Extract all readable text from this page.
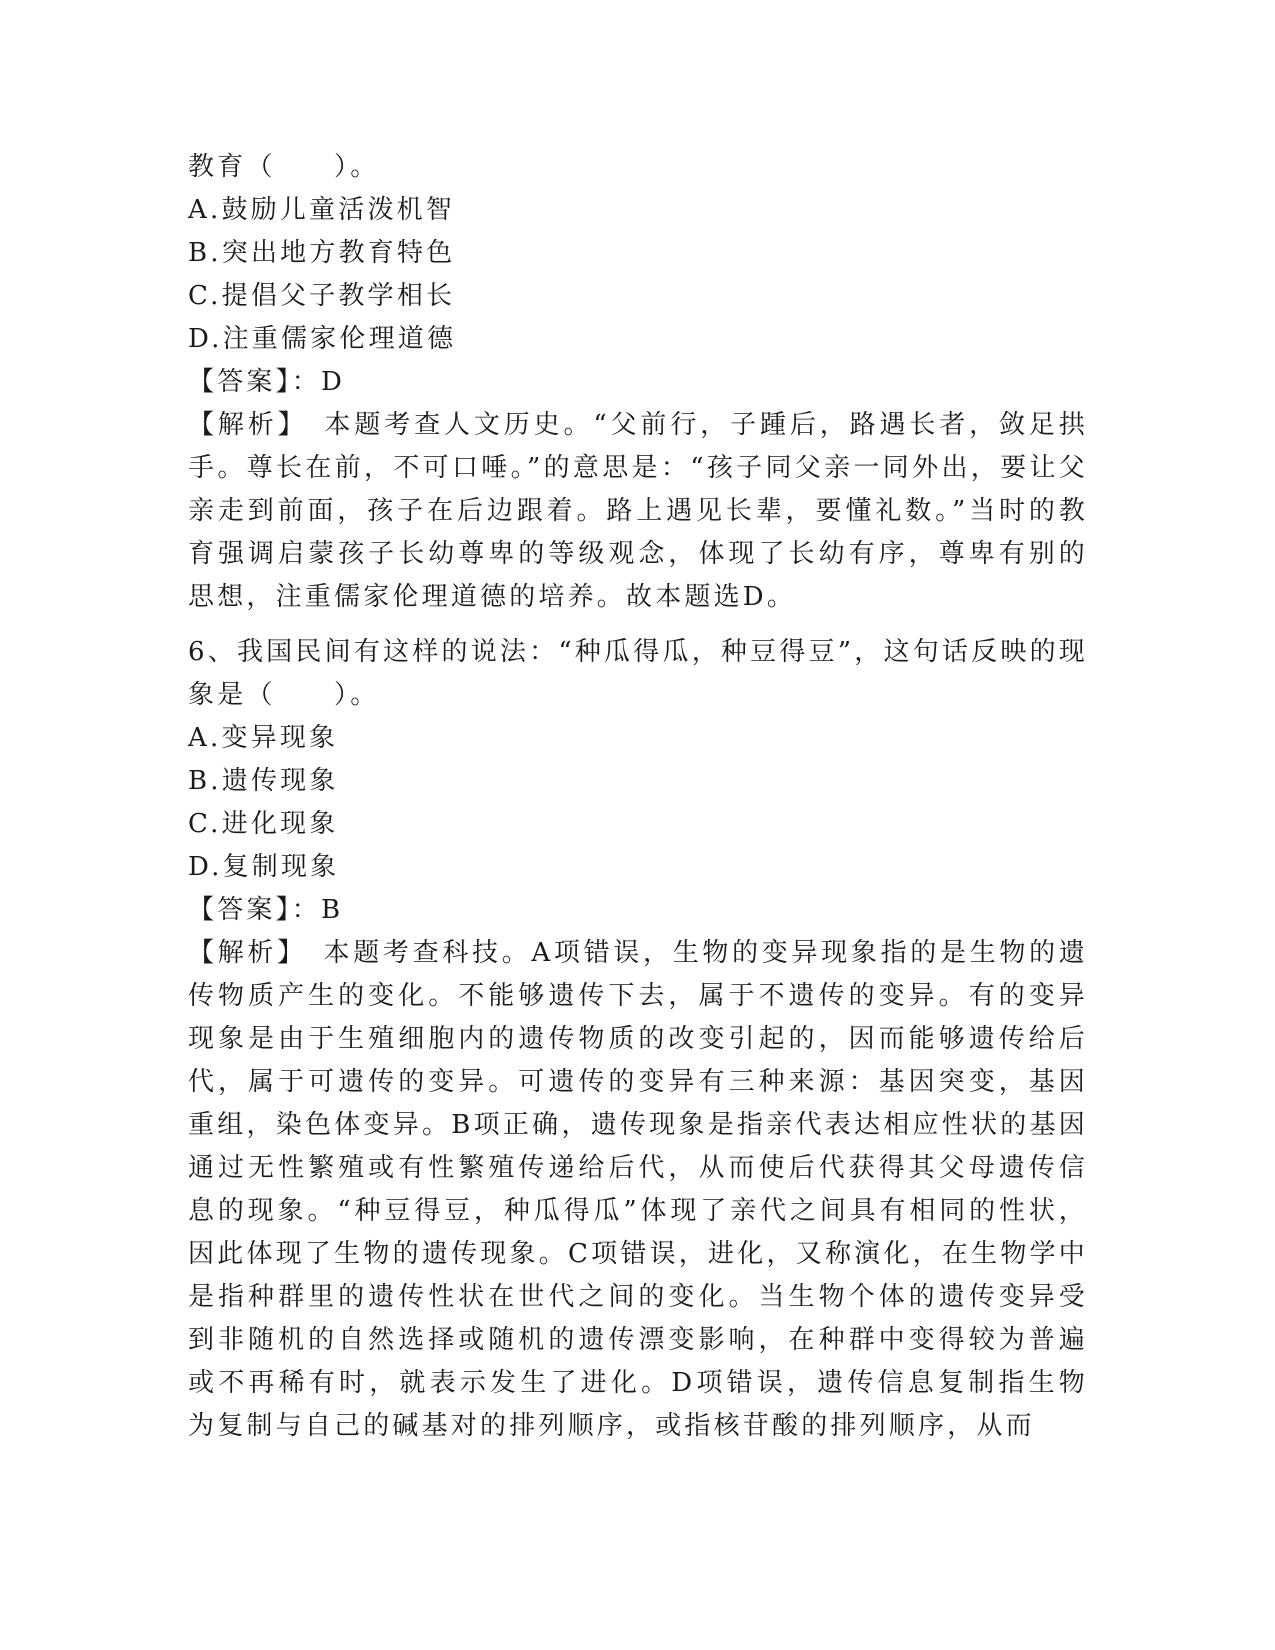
教育（　　）。
A.鼓励儿童活泼机智
B.突出地方教育特色
C.提倡父子教学相长
D.注重儒家伦理道德
【答案】：D
【解析】　本题考查人文历史。“父前行，子踵后，路遇长者，敛足拱手。尊长在前，不可口唾。”的意思是：“孩子同父亲一同外出，要让父亲走到前面，孩子在后边跟着。路上遇见长辈，要懂礼数。”当时的教育强调启蒙孩子长幼尊卑的等级观念，体现了长幼有序，尊卑有别的思想，注重儒家伦理道德的培养。故本题选D。
6、我国民间有这样的说法：“种瓜得瓜，种豆得豆”，这句话反映的现象是（　　）。
A.变异现象
B.遗传现象
C.进化现象
D.复制现象
【答案】：B
【解析】　本题考查科技。A项错误，生物的变异现象指的是生物的遗传物质产生的变化。不能够遗传下去，属于不遗传的变异。有的变异现象是由于生殖细胞内的遗传物质的改变引起的，因而能够遗传给后代，属于可遗传的变异。可遗传的变异有三种来源：基因突变，基因重组，染色体变异。B项正确，遗传现象是指亲代表达相应性状的基因通过无性繁殖或有性繁殖传递给后代，从而使后代获得其父母遗传信息的现象。“种豆得豆，种瓜得瓜”体现了亲代之间具有相同的性状，因此体现了生物的遗传现象。C项错误，进化，又称演化，在生物学中是指种群里的遗传性状在世代之间的变化。当生物个体的遗传变异受到非随机的自然选择或随机的遗传漂变影响，在种群中变得较为普遍或不再稀有时，就表示发生了进化。D项错误，遗传信息复制指生物为复制与自己的碱基对的排列顺序，或指核苷酸的排列顺序，从而
